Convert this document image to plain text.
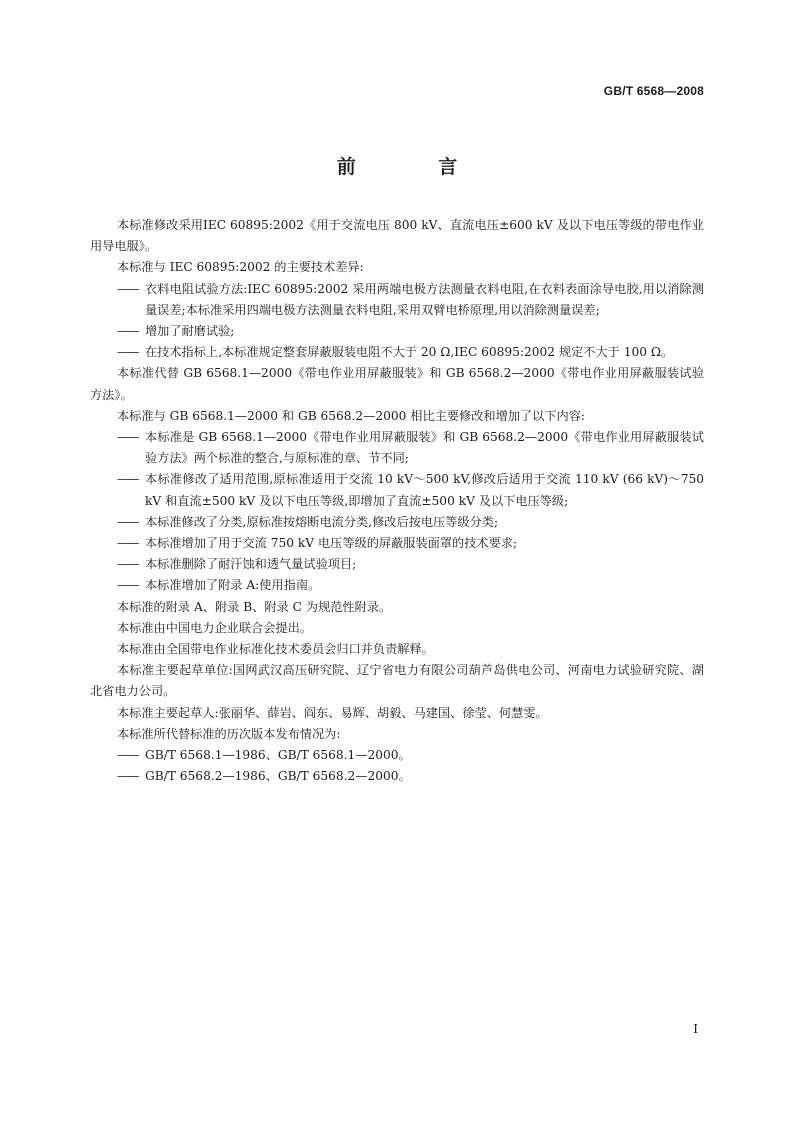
GB/T 6568—2008
前 言

本标准修改采用IEC 60895:2002《用于交流电压 800 kV、直流电压±600 kV 及以下电压等级的带电作业用导电服》。

本标准与 IEC 60895:2002 的主要技术差异:

—— 衣料电阻试验方法:IEC 60895:2002 采用两端电极方法测量衣料电阻,在衣料表面涂导电胶,用以消除测量误差;本标准采用四端电极方法测量衣料电阻,采用双臂电桥原理,用以消除测量误差;

—— 增加了耐磨试验;

—— 在技术指标上,本标准规定整套屏蔽服装电阻不大于 20 Ω,IEC 60895:2002 规定不大于 100 Ω。

本标准代替 GB 6568.1—2000《带电作业用屏蔽服装》和 GB 6568.2—2000《带电作业用屏蔽服装试验方法》。

本标准与 GB 6568.1—2000 和 GB 6568.2—2000 相比主要修改和增加了以下内容:

—— 本标准是 GB 6568.1—2000《带电作业用屏蔽服装》和 GB 6568.2—2000《带电作业用屏蔽服装试验方法》两个标准的整合,与原标准的章、节不同;

—— 本标准修改了适用范围,原标准适用于交流 10 kV～500 kV,修改后适用于交流 110 kV (66 kV)～750 kV 和直流±500 kV 及以下电压等级,即增加了直流±500 kV 及以下电压等级;

—— 本标准修改了分类,原标准按熔断电流分类,修改后按电压等级分类;

—— 本标准增加了用于交流 750 kV 电压等级的屏蔽服装面罩的技术要求;

—— 本标准删除了耐汗蚀和透气量试验项目;

—— 本标准增加了附录 A:使用指南。

本标准的附录 A、附录 B、附录 C 为规范性附录。

本标准由中国电力企业联合会提出。

本标准由全国带电作业标准化技术委员会归口并负责解释。

本标准主要起草单位:国网武汉高压研究院、辽宁省电力有限公司葫芦岛供电公司、河南电力试验研究院、湖北省电力公司。

本标准主要起草人:张丽华、薛岩、阎东、易辉、胡毅、马建国、徐莹、何慧雯。

本标准所代替标准的历次版本发布情况为:

—— GB/T 6568.1—1986、GB/T 6568.1—2000。

—— GB/T 6568.2—1986、GB/T 6568.2—2000。

I
